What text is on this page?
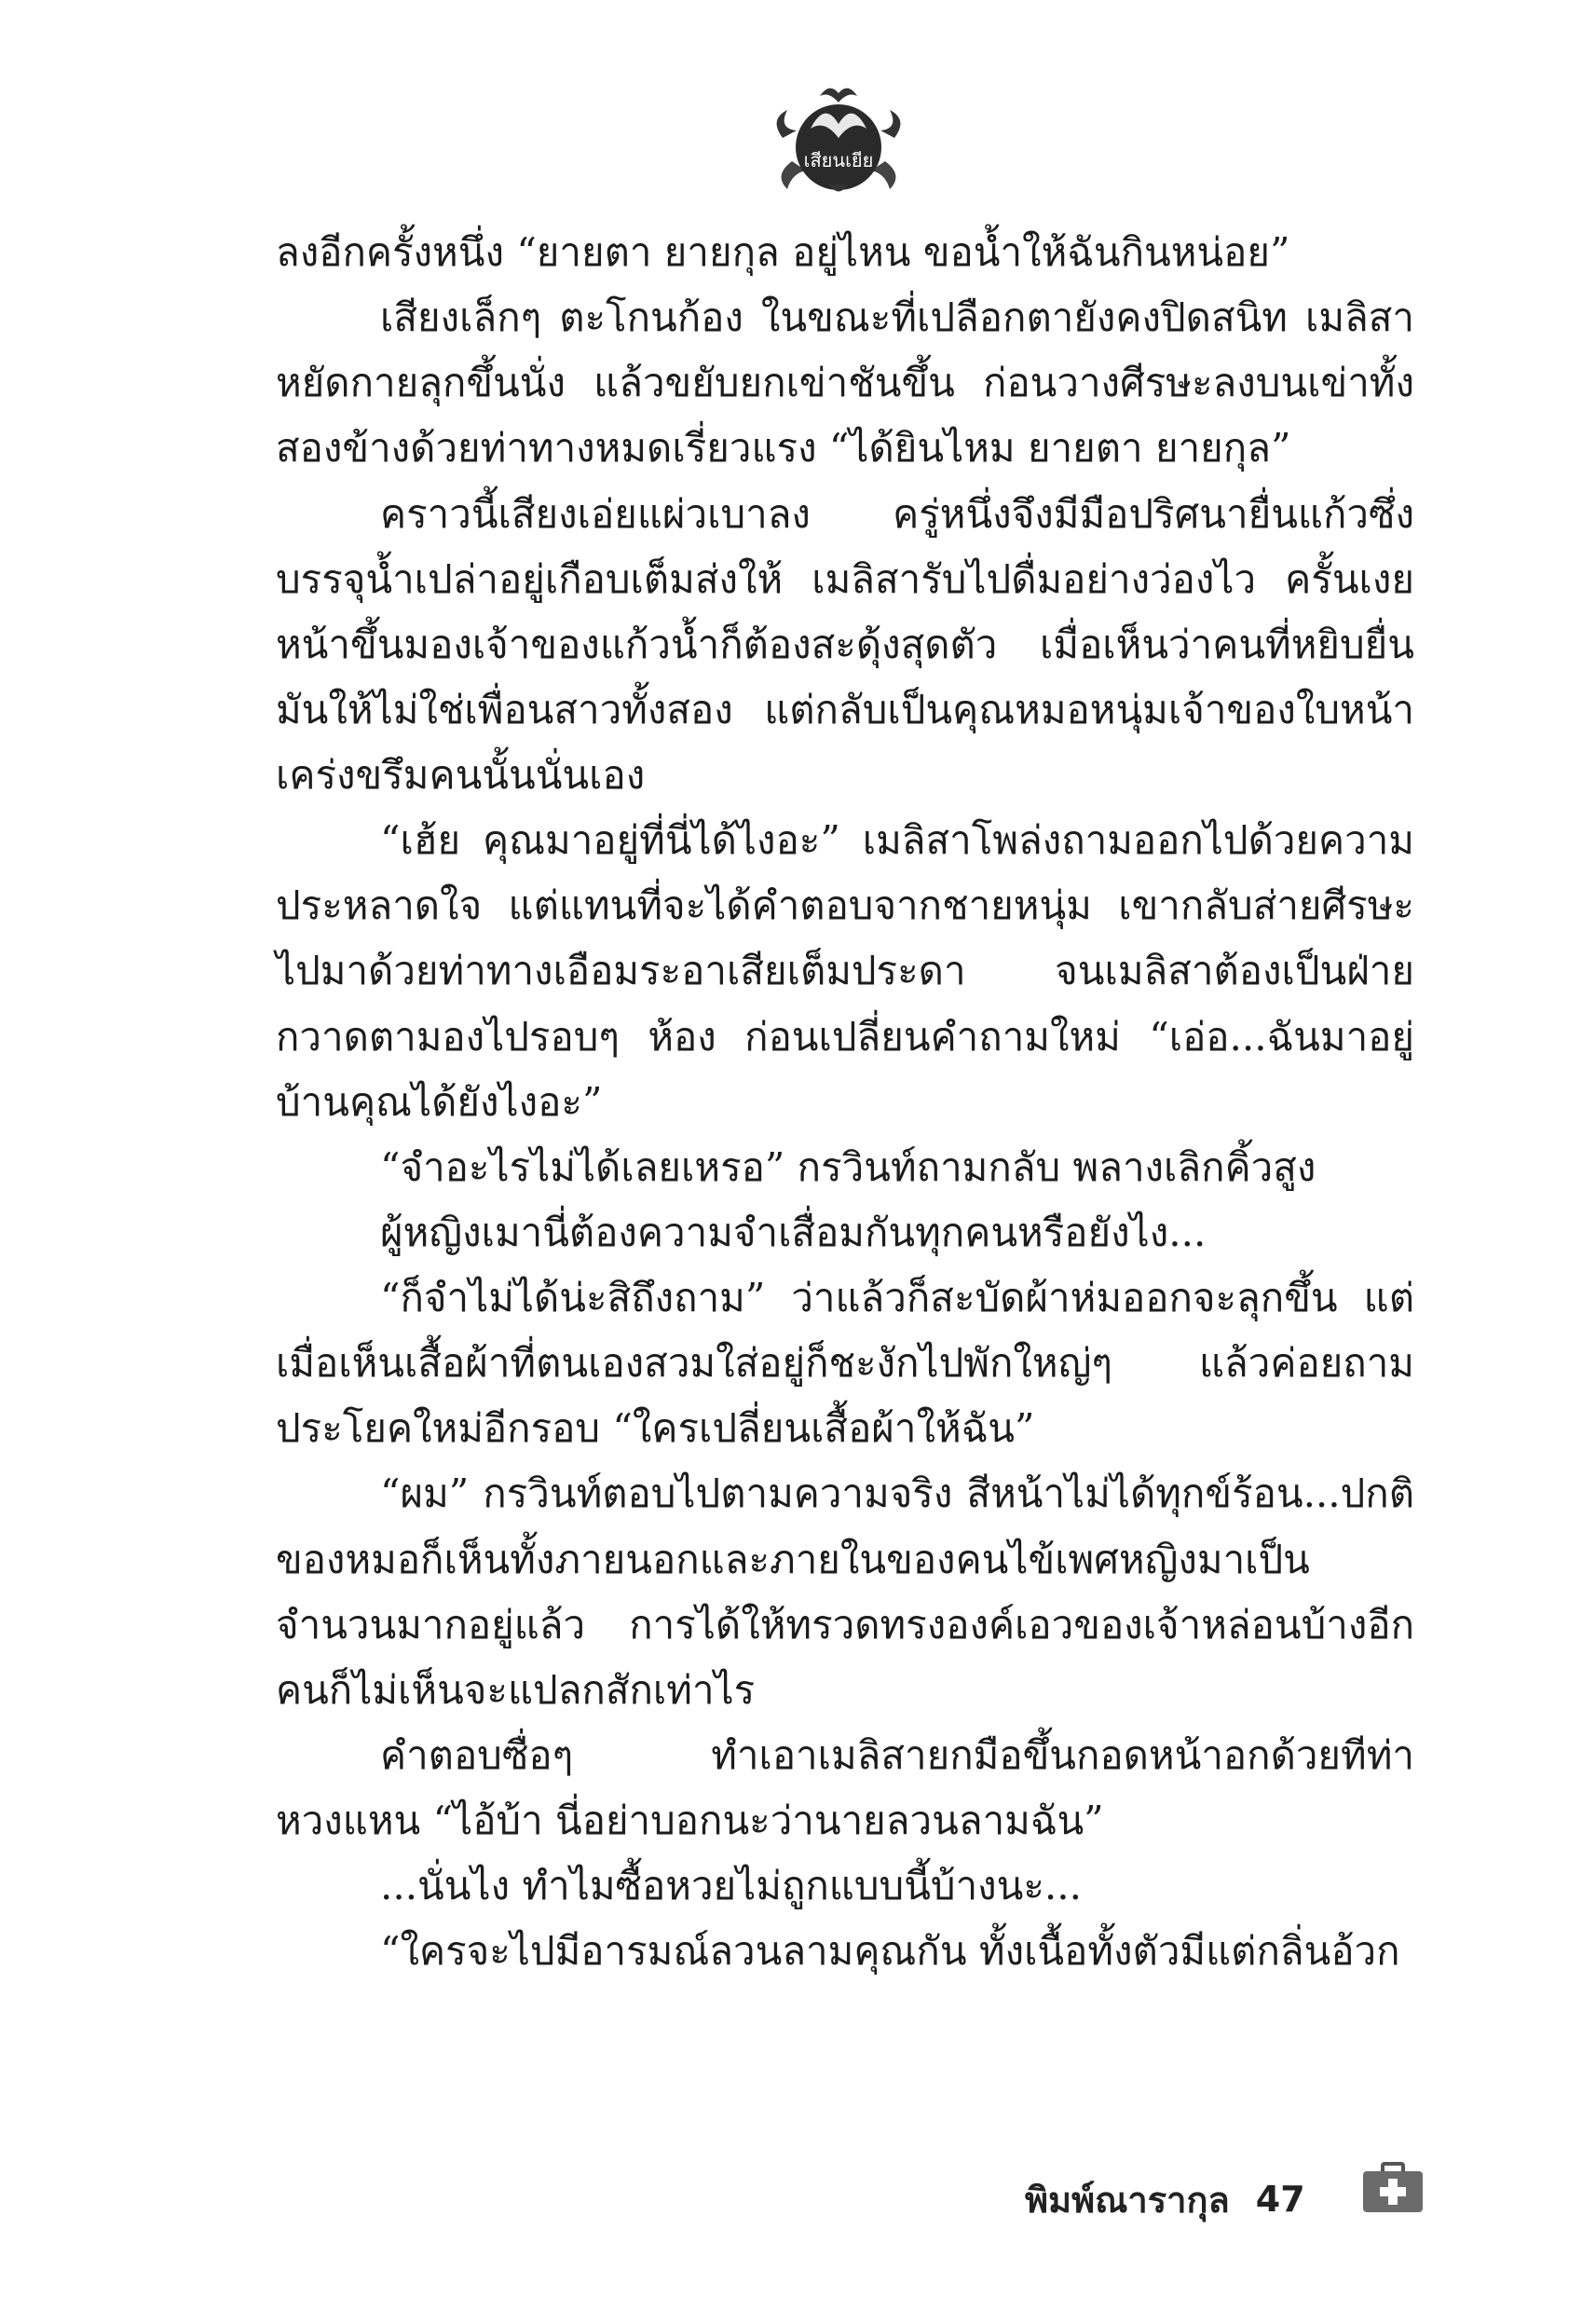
เสียนเยีย

ลงอีกครั้งหนึ่ง “ยายตา ยายกุล อยู่ไหน ขอน้ำให้ฉันกินหน่อย”

เสียงเล็กๆ ตะโกนก้อง ในขณะที่เปลือกตายังคงปิดสนิท เมลิสาหยัดกายลุกขึ้นนั่ง แล้วขยับยกเข่าชันขึ้น ก่อนวางศีรษะลงบนเข่าทั้งสองข้างด้วยท่าทางหมดเรี่ยวแรง “ได้ยินไหม ยายตา ยายกุล”

คราวนี้เสียงเอ่ยแผ่วเบาลง ครู่หนึ่งจึงมีมือปริศนายื่นแก้วซึ่งบรรจุน้ำเปล่าอยู่เกือบเต็มส่งให้ เมลิสารับไปดื่มอย่างว่องไว ครั้นเงยหน้าขึ้นมองเจ้าของแก้วน้ำก็ต้องสะดุ้งสุดตัว เมื่อเห็นว่าคนที่หยิบยื่นมันให้ไม่ใช่เพื่อนสาวทั้งสอง แต่กลับเป็นคุณหมอหนุ่มเจ้าของใบหน้าเคร่งขรึมคนนั้นนั่นเอง

“เฮ้ย คุณมาอยู่ที่นี่ได้ไงอะ” เมลิสาโพล่งถามออกไปด้วยความประหลาดใจ แต่แทนที่จะได้คำตอบจากชายหนุ่ม เขากลับส่ายศีรษะไปมาด้วยท่าทางเอือมระอาเสียเต็มประดา จนเมลิสาต้องเป็นฝ่ายกวาดตามองไปรอบๆ ห้อง ก่อนเปลี่ยนคำถามใหม่ “เอ่อ...ฉันมาอยู่บ้านคุณได้ยังไงอะ”

“จำอะไรไม่ได้เลยเหรอ” กรวินท์ถามกลับ พลางเลิกคิ้วสูง

ผู้หญิงเมานี่ต้องความจำเสื่อมกันทุกคนหรือยังไง...

“ก็จำไม่ได้น่ะสิถึงถาม” ว่าแล้วก็สะบัดผ้าห่มออกจะลุกขึ้น แต่เมื่อเห็นเสื้อผ้าที่ตนเองสวมใส่อยู่ก็ชะงักไปพักใหญ่ๆ แล้วค่อยถามประโยคใหม่อีกรอบ “ใครเปลี่ยนเสื้อผ้าให้ฉัน”

“ผม” กรวินท์ตอบไปตามความจริง สีหน้าไม่ได้ทุกข์ร้อน...ปกติของหมอก็เห็นทั้งภายนอกและภายในของคนไข้เพศหญิงมาเป็นจำนวนมากอยู่แล้ว การได้ให้ทรวดทรงองค์เอวของเจ้าหล่อนบ้างอีกคนก็ไม่เห็นจะแปลกสักเท่าไร

คำตอบซื่อๆ ทำเอาเมลิสายกมือขึ้นกอดหน้าอกด้วยทีท่าหวงแหน “ไอ้บ้า นี่อย่าบอกนะว่านายลวนลามฉัน”

...นั่นไง ทำไมซื้อหวยไม่ถูกแบบนี้บ้างนะ...

“ใครจะไปมีอารมณ์ลวนลามคุณกัน ทั้งเนื้อทั้งตัวมีแต่กลิ่นอ้วก

พิมพ์ณารากุล 47
